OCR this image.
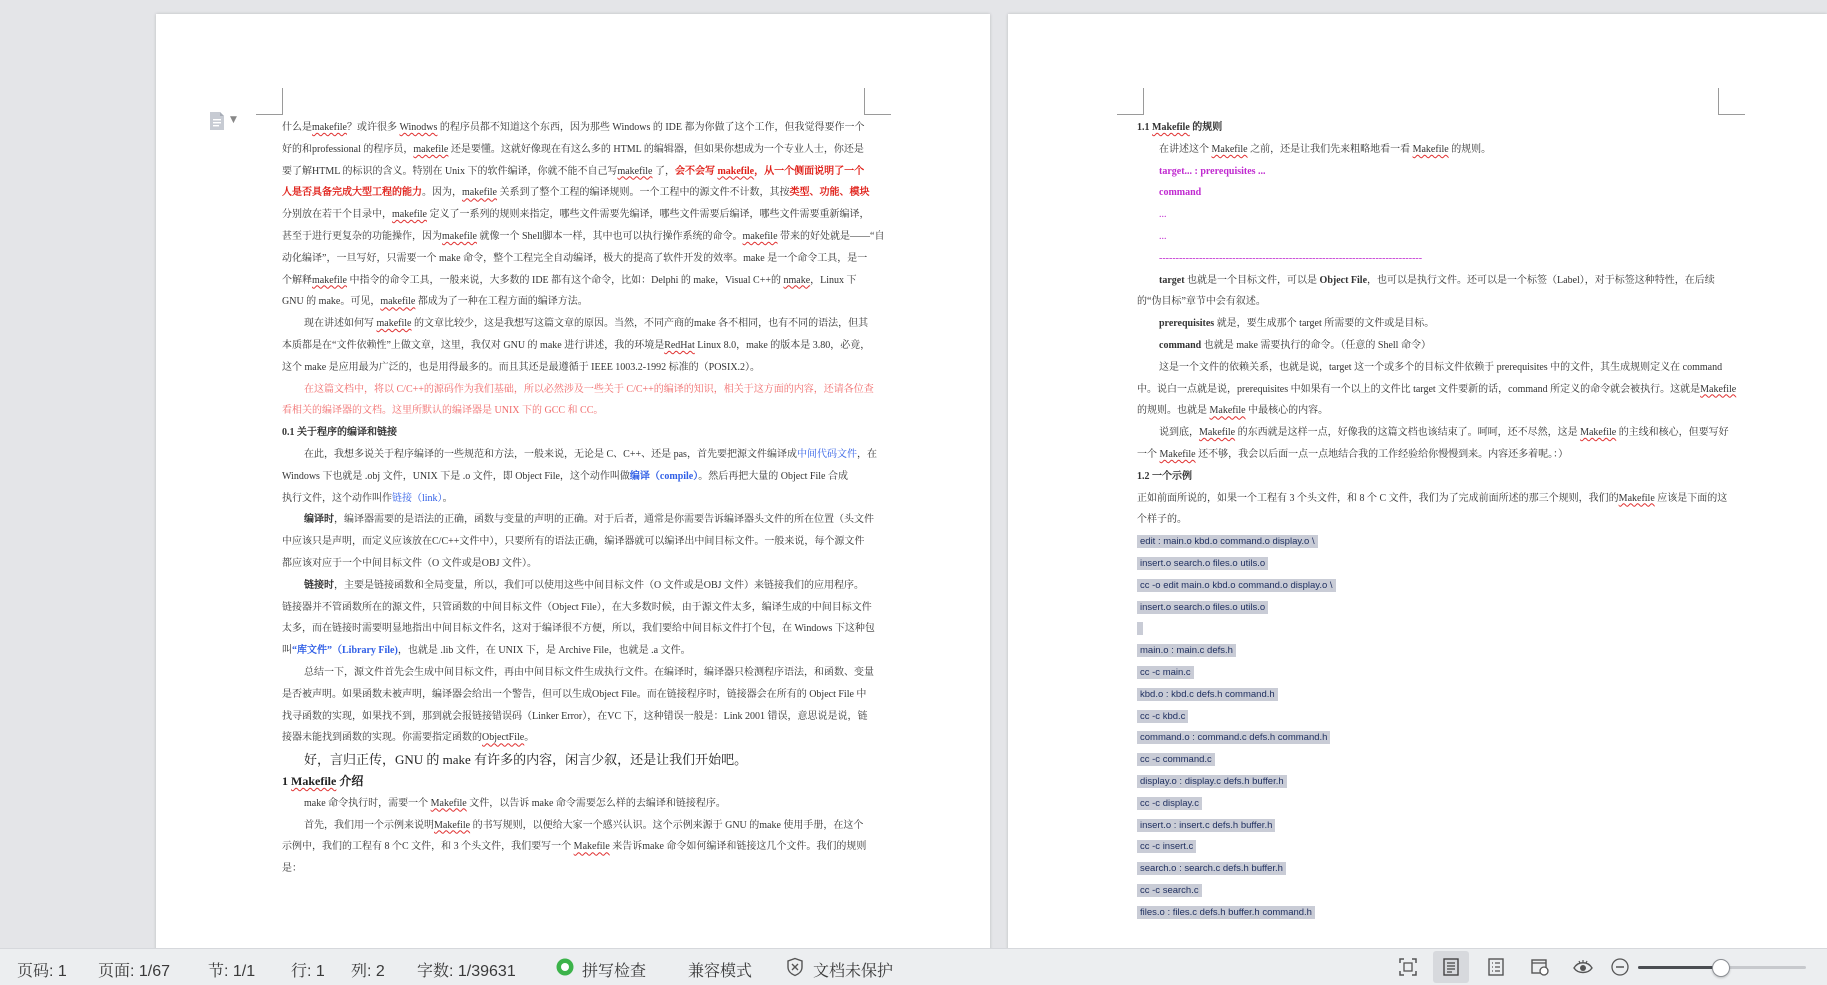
▼

什么是makefile？或许很多 Winodws 的程序员都不知道这个东西，因为那些 Windows 的 IDE 都为你做了这个工作，但我觉得要作一个

好的和professional 的程序员，makefile 还是要懂。这就好像现在有这么多的 HTML 的编辑器，但如果你想成为一个专业人士，你还是

要了解HTML 的标识的含义。特别在 Unix 下的软件编译，你就不能不自己写makefile 了，会不会写 makefile，从一个侧面说明了一个

人是否具备完成大型工程的能力。因为，makefile 关系到了整个工程的编译规则。一个工程中的源文件不计数，其按类型、功能、模块

分别放在若干个目录中，makefile 定义了一系列的规则来指定，哪些文件需要先编译，哪些文件需要后编译，哪些文件需要重新编译，

甚至于进行更复杂的功能操作，因为makefile 就像一个 Shell脚本一样，其中也可以执行操作系统的命令。makefile 带来的好处就是——“自

动化编译”，一旦写好，只需要一个 make 命令，整个工程完全自动编译，极大的提高了软件开发的效率。make 是一个命令工具，是一

个解释makefile 中指令的命令工具，一般来说，大多数的 IDE 都有这个命令，比如：Delphi 的 make，Visual C++的 nmake，Linux 下

GNU 的 make。可见，makefile 都成为了一种在工程方面的编译方法。

现在讲述如何写 makefile 的文章比较少，这是我想写这篇文章的原因。当然，不同产商的make 各不相同，也有不同的语法，但其

本质都是在“文件依赖性”上做文章，这里，我仅对 GNU 的 make 进行讲述，我的环境是RedHat Linux 8.0，make 的版本是 3.80，必竟，

这个 make 是应用最为广泛的，也是用得最多的。而且其还是最遵循于 IEEE 1003.2-1992 标准的（POSIX.2）。

在这篇文档中，将以 C/C++的源码作为我们基础，所以必然涉及一些关于 C/C++的编译的知识，相关于这方面的内容，还请各位查

看相关的编译器的文档。这里所默认的编译器是 UNIX 下的 GCC 和 CC。

0.1 关于程序的编译和链接

在此，我想多说关于程序编译的一些规范和方法，一般来说，无论是 C、C++、还是 pas，首先要把源文件编译成中间代码文件，在

Windows 下也就是 .obj 文件，UNIX 下是 .o 文件，即 Object File，这个动作叫做编译（compile）。然后再把大量的 Object File 合成

执行文件，这个动作叫作链接（link）。

编译时，编译器需要的是语法的正确，函数与变量的声明的正确。对于后者，通常是你需要告诉编译器头文件的所在位置（头文件

中应该只是声明，而定义应该放在C/C++文件中），只要所有的语法正确，编译器就可以编译出中间目标文件。一般来说，每个源文件

都应该对应于一个中间目标文件（O 文件或是OBJ 文件）。

链接时，主要是链接函数和全局变量，所以，我们可以使用这些中间目标文件（O 文件或是OBJ 文件）来链接我们的应用程序。

链接器并不管函数所在的源文件，只管函数的中间目标文件（Object File），在大多数时候，由于源文件太多，编译生成的中间目标文件

太多，而在链接时需要明显地指出中间目标文件名，这对于编译很不方便，所以，我们要给中间目标文件打个包，在 Windows 下这种包

叫“库文件”（Library File)，也就是 .lib 文件，在 UNIX 下，是 Archive File，也就是 .a 文件。

总结一下，源文件首先会生成中间目标文件，再由中间目标文件生成执行文件。在编译时，编译器只检测程序语法，和函数、变量

是否被声明。如果函数未被声明，编译器会给出一个警告，但可以生成Object File。而在链接程序时，链接器会在所有的 Object File 中

找寻函数的实现，如果找不到，那到就会报链接错误码（Linker Error），在VC 下，这种错误一般是：Link 2001 错误，意思说是说，链

接器未能找到函数的实现。你需要指定函数的ObjectFile。

好，言归正传，GNU 的 make 有许多的内容，闲言少叙，还是让我们开始吧。

1 Makefile 介绍

make 命令执行时，需要一个 Makefile 文件，以告诉 make 命令需要怎么样的去编译和链接程序。

首先，我们用一个示例来说明Makefile 的书写规则，以便给大家一个感兴认识。这个示例来源于 GNU 的make 使用手册，在这个

示例中，我们的工程有 8 个C 文件，和 3 个头文件，我们要写一个 Makefile 来告诉make 命令如何编译和链接这几个文件。我们的规则

是：

1.1 Makefile 的规则

在讲述这个 Makefile 之前，还是让我们先来粗略地看一看 Makefile 的规则。

target... : prerequisites ...

command

...

...

-------------------------------------------------------------------------------

target 也就是一个目标文件，可以是 Object File，也可以是执行文件。还可以是一个标签（Label），对于标签这种特性，在后续

的“伪目标”章节中会有叙述。

prerequisites 就是，要生成那个 target 所需要的文件或是目标。

command 也就是 make 需要执行的命令。（任意的 Shell 命令）

这是一个文件的依赖关系，也就是说，target 这一个或多个的目标文件依赖于 prerequisites 中的文件，其生成规则定义在 command

中。说白一点就是说，prerequisites 中如果有一个以上的文件比 target 文件要新的话，command 所定义的命令就会被执行。这就是Makefile

的规则。也就是 Makefile 中最核心的内容。

说到底，Makefile 的东西就是这样一点，好像我的这篇文档也该结束了。呵呵，还不尽然，这是 Makefile 的主线和核心，但要写好

一个 Makefile 还不够，我会以后面一点一点地结合我的工作经验给你慢慢到来。内容还多着呢。：）

1.2 一个示例

正如前面所说的，如果一个工程有 3 个头文件，和 8 个 C 文件，我们为了完成前面所述的那三个规则，我们的Makefile 应该是下面的这

个样子的。

edit : main.o kbd.o command.o display.o \

insert.o search.o files.o utils.o

cc -o edit main.o kbd.o command.o display.o \

insert.o search.o files.o utils.o

main.o : main.c defs.h

cc -c main.c

kbd.o : kbd.c defs.h command.h

cc -c kbd.c

command.o : command.c defs.h command.h

cc -c command.c

display.o : display.c defs.h buffer.h

cc -c display.c

insert.o : insert.c defs.h buffer.h

cc -c insert.c

search.o : search.c defs.h buffer.h

cc -c search.c

files.o : files.c defs.h buffer.h command.h

页码: 1 页面: 1/67 节: 1/1 行: 1 列: 2 字数: 1/39631	拼写检查	兼容模式	文档未保护
